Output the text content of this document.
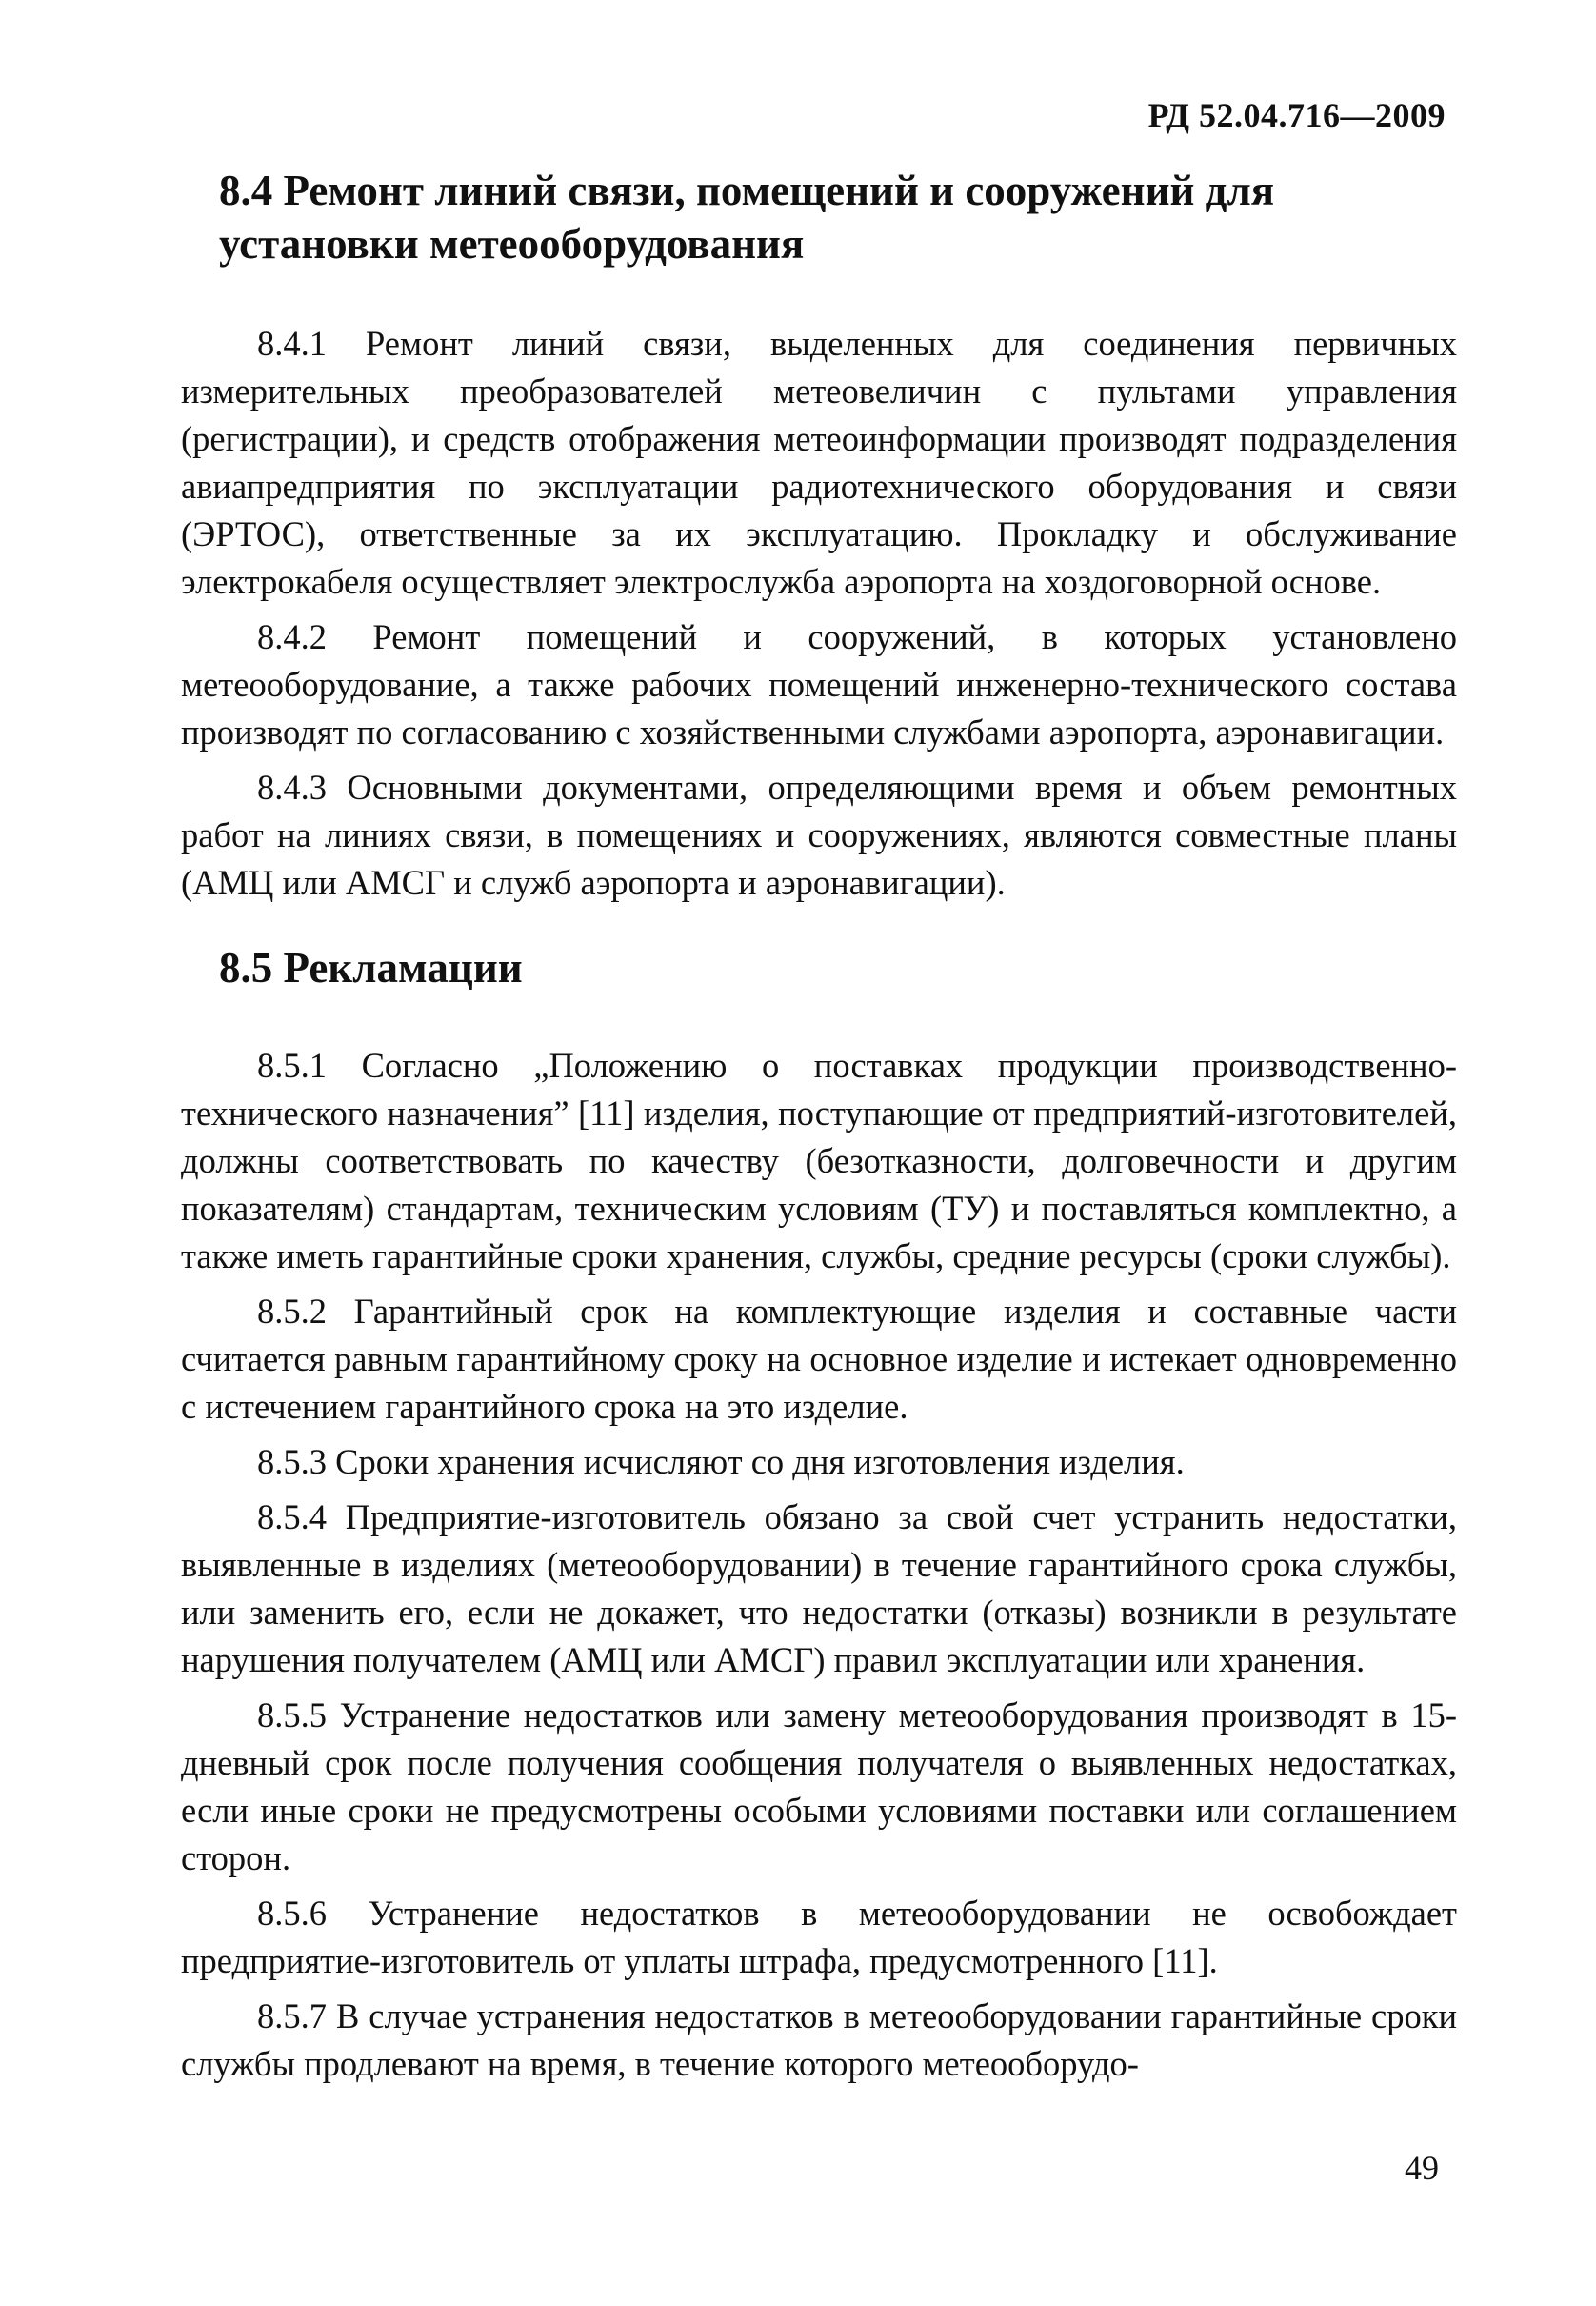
РД 52.04.716—2009
8.4 Ремонт линий связи, помещений и сооружений для установки метеооборудования

8.4.1 Ремонт линий связи, выделенных для соединения первичных измерительных преобразователей метеовеличин с пультами управления (регистрации), и средств отображения метеоинформации производят подразделения авиапредприятия по эксплуатации радиотехнического оборудования и связи (ЭРТОС), ответственные за их эксплуатацию. Прокладку и обслуживание электрокабеля осуществляет электрослужба аэропорта на хоздоговорной основе.

8.4.2 Ремонт помещений и сооружений, в которых установлено метеооборудование, а также рабочих помещений инженерно-технического состава производят по согласованию с хозяйственными службами аэропорта, аэронавигации.

8.4.3 Основными документами, определяющими время и объем ремонтных работ на линиях связи, в помещениях и сооружениях, являются совместные планы (АМЦ или АМСГ и служб аэропорта и аэронавигации).

8.5 Рекламации

8.5.1 Согласно „Положению о поставках продукции производственно-технического назначения” [11] изделия, поступающие от предприятий-изготовителей, должны соответствовать по качеству (безотказности, долговечности и другим показателям) стандартам, техническим условиям (ТУ) и поставляться комплектно, а также иметь гарантийные сроки хранения, службы, средние ресурсы (сроки службы).

8.5.2 Гарантийный срок на комплектующие изделия и составные части считается равным гарантийному сроку на основное изделие и истекает одновременно с истечением гарантийного срока на это изделие.

8.5.3 Сроки хранения исчисляют со дня изготовления изделия.

8.5.4 Предприятие-изготовитель обязано за свой счет устранить недостатки, выявленные в изделиях (метеооборудовании) в течение гарантийного срока службы, или заменить его, если не докажет, что недостатки (отказы) возникли в результате нарушения получателем (АМЦ или АМСГ) правил эксплуатации или хранения.

8.5.5 Устранение недостатков или замену метеооборудования производят в 15-дневный срок после получения сообщения получателя о выявленных недостатках, если иные сроки не предусмотрены особыми условиями поставки или соглашением сторон.

8.5.6 Устранение недостатков в метеооборудовании не освобождает предприятие-изготовитель от уплаты штрафа, предусмотренного [11].

8.5.7 В случае устранения недостатков в метеооборудовании гарантийные сроки службы продлевают на время, в течение которого метеооборудо-

49
